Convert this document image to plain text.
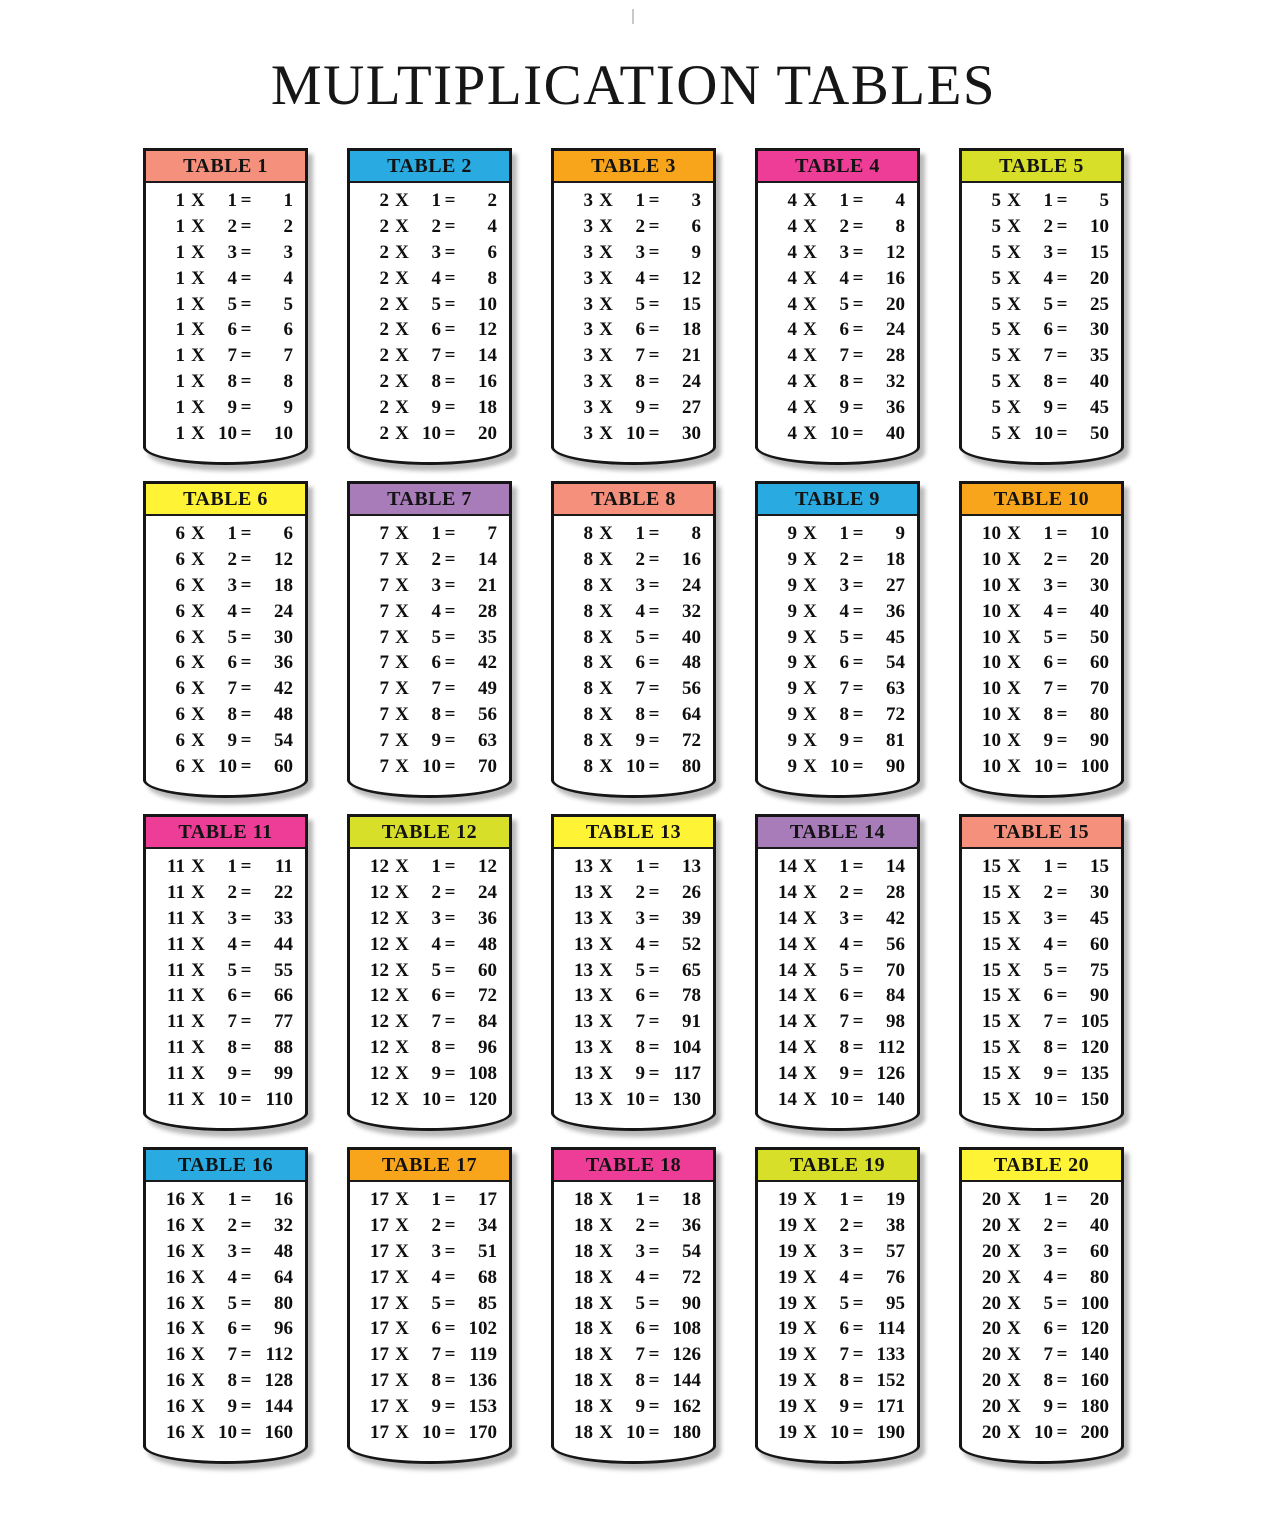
MULTIPLICATION TABLES
TABLE 1
1 X	1 =	1
1 X	2 =	2
1 X	3 =	3
1 X	4 =	4
1 X	5 =	5
1 X	6 =	6
1 X	7 =	7
1 X	8 =	8
1 X	9 =	9
1 X 10 =	10
TABLE 2
2 X	1 =	2
2 X	2 =	4
2 X	3 =	6
2 X	4 =	8
2 X	5 =	10
2 X	6 =	12
2 X	7 =	14
2 X	8 =	16
2 X	9 =	18
2 X 10 =	20
TABLE 3
3 X	1 =	3
3 X	2 =	6
3 X	3 =	9
3 X	4 =	12
3 X	5 =	15
3 X	6 =	18
3 X	7 =	21
3 X	8 =	24
3 X	9 =	27
3 X 10 =	30
TABLE 4
4 X	1 =	4
4 X	2 =	8
4 X	3 =	12
4 X	4 =	16
4 X	5 =	20
4 X	6 =	24
4 X	7 =	28
4 X	8 =	32
4 X	9 =	36
4 X 10 =	40
TABLE 5
5 X	1 =	5
5 X	2 =	10
5 X	3 =	15
5 X	4 =	20
5 X	5 =	25
5 X	6 =	30
5 X	7 =	35
5 X	8 =	40
5 X	9 =	45
5 X 10 =	50
TABLE 6
6 X	1 =	6
6 X	2 =	12
6 X	3 =	18
6 X	4 =	24
6 X	5 =	30
6 X	6 =	36
6 X	7 =	42
6 X	8 =	48
6 X	9 =	54
6 X 10 =	60
TABLE 7
7 X	1 =	7
7 X	2 =	14
7 X	3 =	21
7 X	4 =	28
7 X	5 =	35
7 X	6 =	42
7 X	7 =	49
7 X	8 =	56
7 X	9 =	63
7 X 10 =	70
TABLE 8
8 X	1 =	8
8 X	2 =	16
8 X	3 =	24
8 X	4 =	32
8 X	5 =	40
8 X	6 =	48
8 X	7 =	56
8 X	8 =	64
8 X	9 =	72
8 X 10 =	80
TABLE 9
9 X	1 =	9
9 X	2 =	18
9 X	3 =	27
9 X	4 =	36
9 X	5 =	45
9 X	6 =	54
9 X	7 =	63
9 X	8 =	72
9 X	9 =	81
9 X 10 =	90
TABLE 10
10 X	1 =	10
10 X	2 =	20
10 X	3 =	30
10 X	4 =	40
10 X	5 =	50
10 X	6 =	60
10 X	7 =	70
10 X	8 =	80
10 X	9 =	90
10 X 10 = 100
TABLE 11
11 X	1 =	11
11 X	2 =	22
11 X	3 =	33
11 X	4 =	44
11 X	5 =	55
11 X	6 =	66
11 X	7 =	77
11 X	8 =	88
11 X	9 =	99
11 X 10 = 110
TABLE 12
12 X	1 =	12
12 X	2 =	24
12 X	3 =	36
12 X	4 =	48
12 X	5 =	60
12 X	6 =	72
12 X	7 =	84
12 X	8 =	96
12 X	9 = 108
12 X 10 = 120
TABLE 13
13 X	1 =	13
13 X	2 =	26
13 X	3 =	39
13 X	4 =	52
13 X	5 =	65
13 X	6 =	78
13 X	7 =	91
13 X	8 = 104
13 X	9 = 117
13 X 10 = 130
TABLE 14
14 X	1 =	14
14 X	2 =	28
14 X	3 =	42
14 X	4 =	56
14 X	5 =	70
14 X	6 =	84
14 X	7 =	98
14 X	8 = 112
14 X	9 = 126
14 X 10 = 140
TABLE 15
15 X	1 =	15
15 X	2 =	30
15 X	3 =	45
15 X	4 =	60
15 X	5 =	75
15 X	6 =	90
15 X	7 = 105
15 X	8 = 120
15 X	9 = 135
15 X 10 = 150
TABLE 16
16 X	1 =	16
16 X	2 =	32
16 X	3 =	48
16 X	4 =	64
16 X	5 =	80
16 X	6 =	96
16 X	7 = 112
16 X	8 = 128
16 X	9 = 144
16 X 10 = 160
TABLE 17
17 X	1 =	17
17 X	2 =	34
17 X	3 =	51
17 X	4 =	68
17 X	5 =	85
17 X	6 = 102
17 X	7 = 119
17 X	8 = 136
17 X	9 = 153
17 X 10 = 170
TABLE 18
18 X	1 =	18
18 X	2 =	36
18 X	3 =	54
18 X	4 =	72
18 X	5 =	90
18 X	6 = 108
18 X	7 = 126
18 X	8 = 144
18 X	9 = 162
18 X 10 = 180
TABLE 19
19 X	1 =	19
19 X	2 =	38
19 X	3 =	57
19 X	4 =	76
19 X	5 =	95
19 X	6 = 114
19 X	7 = 133
19 X	8 = 152
19 X	9 = 171
19 X 10 = 190
TABLE 20
20 X	1 =	20
20 X	2 =	40
20 X	3 =	60
20 X	4 =	80
20 X	5 = 100
20 X	6 = 120
20 X	7 = 140
20 X	8 = 160
20 X	9 = 180
20 X 10 = 200
